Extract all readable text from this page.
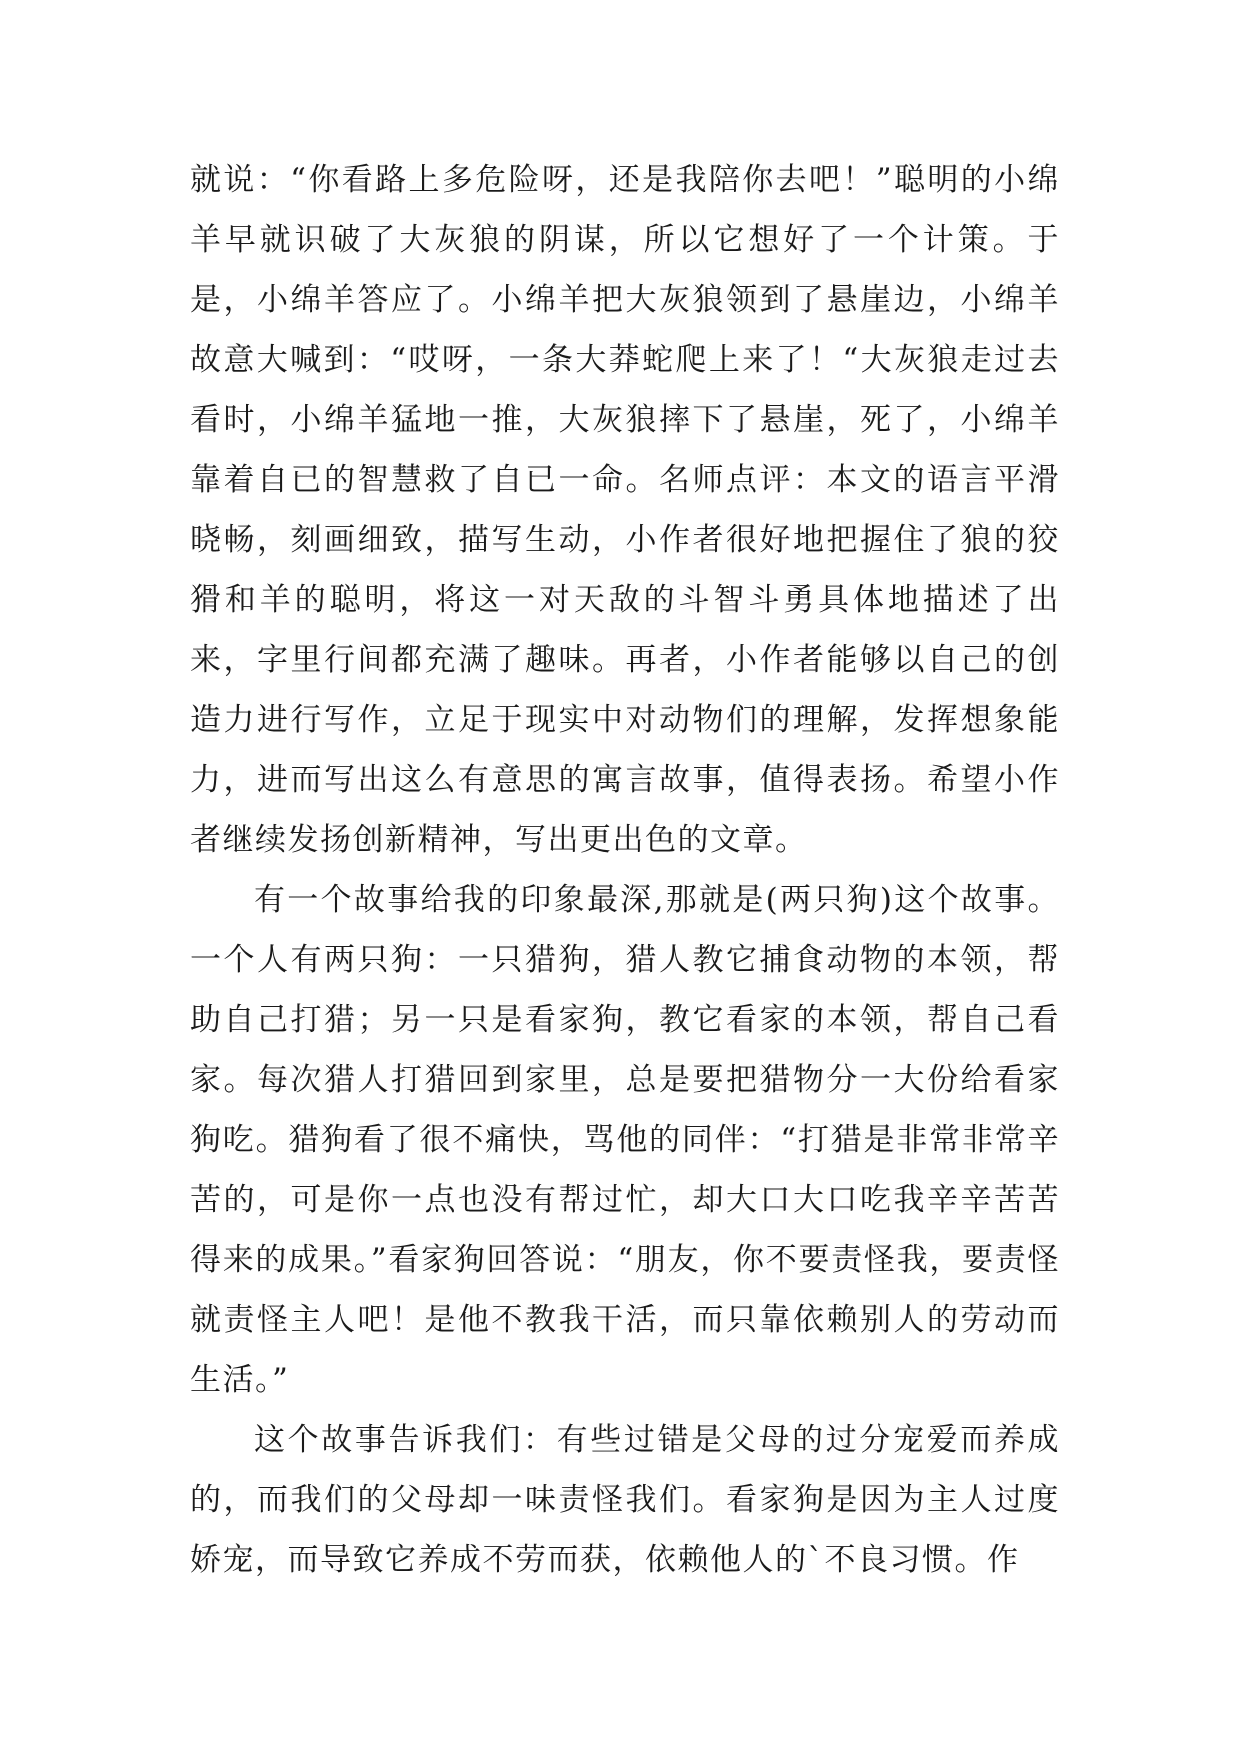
就说：“你看路上多危险呀，还是我陪你去吧！”聪明的小绵羊早就识破了大灰狼的阴谋，所以它想好了一个计策。于是，小绵羊答应了。小绵羊把大灰狼领到了悬崖边，小绵羊故意大喊到：“哎呀，一条大莽蛇爬上来了！“大灰狼走过去看时，小绵羊猛地一推，大灰狼摔下了悬崖，死了，小绵羊靠着自已的智慧救了自已一命。名师点评：本文的语言平滑晓畅，刻画细致，描写生动，小作者很好地把握住了狼的狡猾和羊的聪明，将这一对天敌的斗智斗勇具体地描述了出来，字里行间都充满了趣味。再者，小作者能够以自己的创造力进行写作，立足于现实中对动物们的理解，发挥想象能力，进而写出这么有意思的寓言故事，值得表扬。希望小作者继续发扬创新精神，写出更出色的文章。

有一个故事给我的印象最深,那就是(两只狗)这个故事。一个人有两只狗：一只猎狗，猎人教它捕食动物的本领，帮助自己打猎；另一只是看家狗，教它看家的本领，帮自己看家。每次猎人打猎回到家里，总是要把猎物分一大份给看家狗吃。猎狗看了很不痛快，骂他的同伴：“打猎是非常非常辛苦的，可是你一点也没有帮过忙，却大口大口吃我辛辛苦苦得来的成果。”看家狗回答说：“朋友，你不要责怪我，要责怪就责怪主人吧！是他不教我干活，而只靠依赖别人的劳动而生活。”

这个故事告诉我们：有些过错是父母的过分宠爱而养成的，而我们的父母却一味责怪我们。看家狗是因为主人过度娇宠，而导致它养成不劳而获，依赖他人的`不良习惯。作
